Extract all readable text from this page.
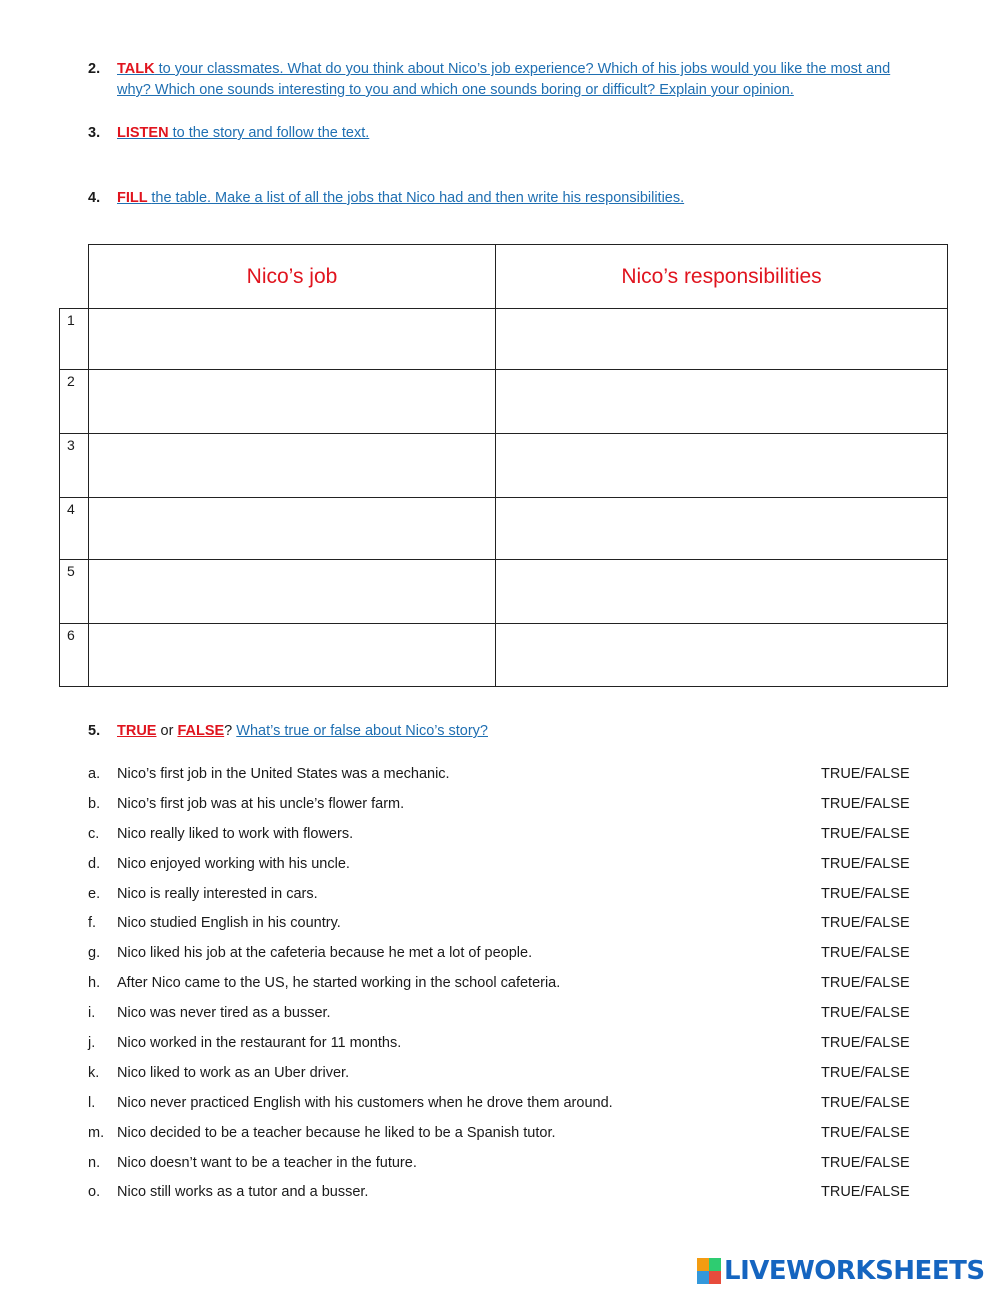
2. TALK to your classmates. What do you think about Nico’s job experience? Which of his jobs would you like the most and why? Which one sounds interesting to you and which one sounds boring or difficult? Explain your opinion.
3. LISTEN to the story and follow the text.
4. FILL the table. Make a list of all the jobs that Nico had and then write his responsibilities.
	Nico’s job	Nico’s responsibilities
1		
2		
3		
4		
5		
6		
5. TRUE or FALSE? What’s true or false about Nico’s story?
a. Nico’s first job in the United States was a mechanic.	TRUE/FALSE
b. Nico’s first job was at his uncle’s flower farm.	TRUE/FALSE
c. Nico really liked to work with flowers.	TRUE/FALSE
d. Nico enjoyed working with his uncle.	TRUE/FALSE
e. Nico is really interested in cars.	TRUE/FALSE
f. Nico studied English in his country.	TRUE/FALSE
g. Nico liked his job at the cafeteria because he met a lot of people.	TRUE/FALSE
h. After Nico came to the US, he started working in the school cafeteria.	TRUE/FALSE
i. Nico was never tired as a busser.	TRUE/FALSE
j. Nico worked in the restaurant for 11 months.	TRUE/FALSE
k. Nico liked to work as an Uber driver.	TRUE/FALSE
l. Nico never practiced English with his customers when he drove them around.	TRUE/FALSE
m. Nico decided to be a teacher because he liked to be a Spanish tutor.	TRUE/FALSE
n. Nico doesn’t want to be a teacher in the future.	TRUE/FALSE
o. Nico still works as a tutor and a busser.	TRUE/FALSE
LIVEWORKSHEETS
